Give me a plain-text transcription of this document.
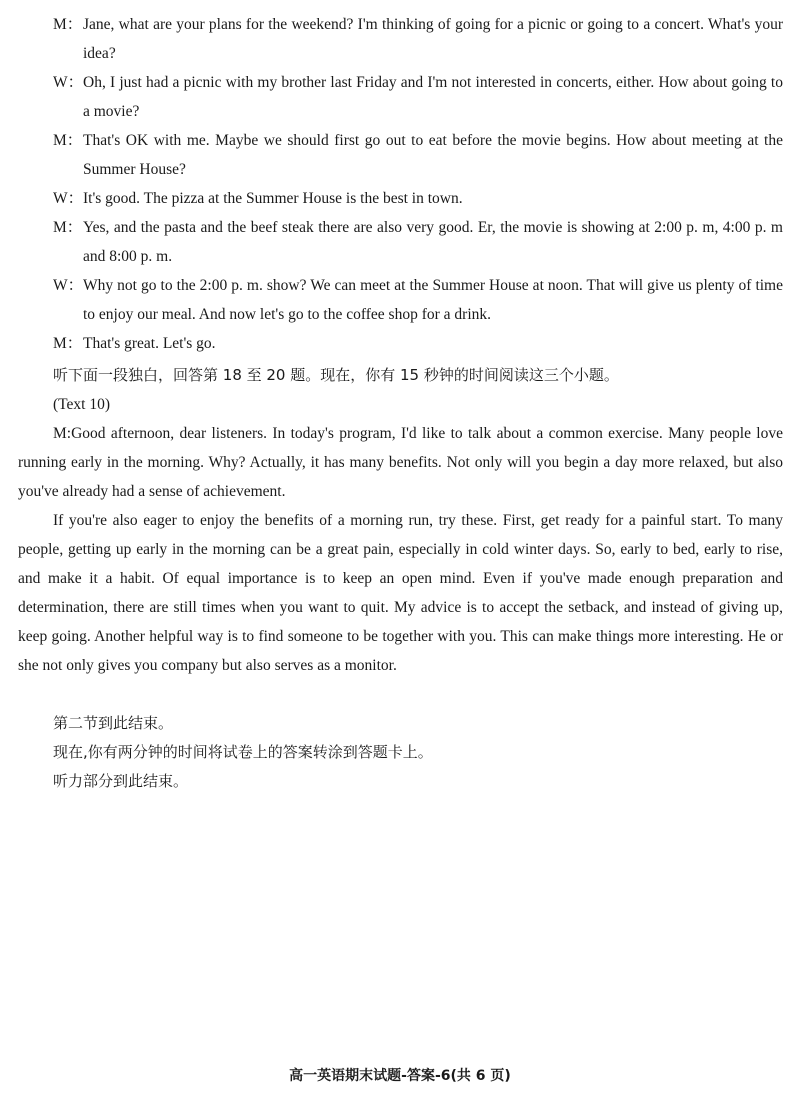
M： Jane, what are your plans for the weekend? I'm thinking of going for a picnic or going to a concert. What's your idea?
W： Oh, I just had a picnic with my brother last Friday and I'm not interested in concerts, either. How about going to a movie?
M： That's OK with me. Maybe we should first go out to eat before the movie begins. How about meeting at the Summer House?
W： It's good. The pizza at the Summer House is the best in town.
M： Yes, and the pasta and the beef steak there are also very good. Er, the movie is showing at 2:00 p. m, 4:00 p. m and 8:00 p. m.
W： Why not go to the 2:00 p. m. show? We can meet at the Summer House at noon. That will give us plenty of time to enjoy our meal. And now let's go to the coffee shop for a drink.
M： That's great. Let's go.
听下面一段独白，回答第 18 至 20 题。现在，你有 15 秒钟的时间阅读这三个小题。
(Text 10)
M:Good afternoon, dear listeners. In today's program, I'd like to talk about a common exercise. Many people love running early in the morning. Why? Actually, it has many benefits. Not only will you begin a day more relaxed, but also you've already had a sense of achievement.
If you're also eager to enjoy the benefits of a morning run, try these. First, get ready for a painful start. To many people, getting up early in the morning can be a great pain, especially in cold winter days. So, early to bed, early to rise, and make it a habit. Of equal importance is to keep an open mind. Even if you've made enough preparation and determination, there are still times when you want to quit. My advice is to accept the setback, and instead of giving up, keep going. Another helpful way is to find someone to be together with you. This can make things more interesting. He or she not only gives you company but also serves as a monitor.
第二节到此结束。
现在,你有两分钟的时间将试卷上的答案转涂到答题卡上。
听力部分到此结束。
高一英语期末试题-答案-6(共 6 页)
